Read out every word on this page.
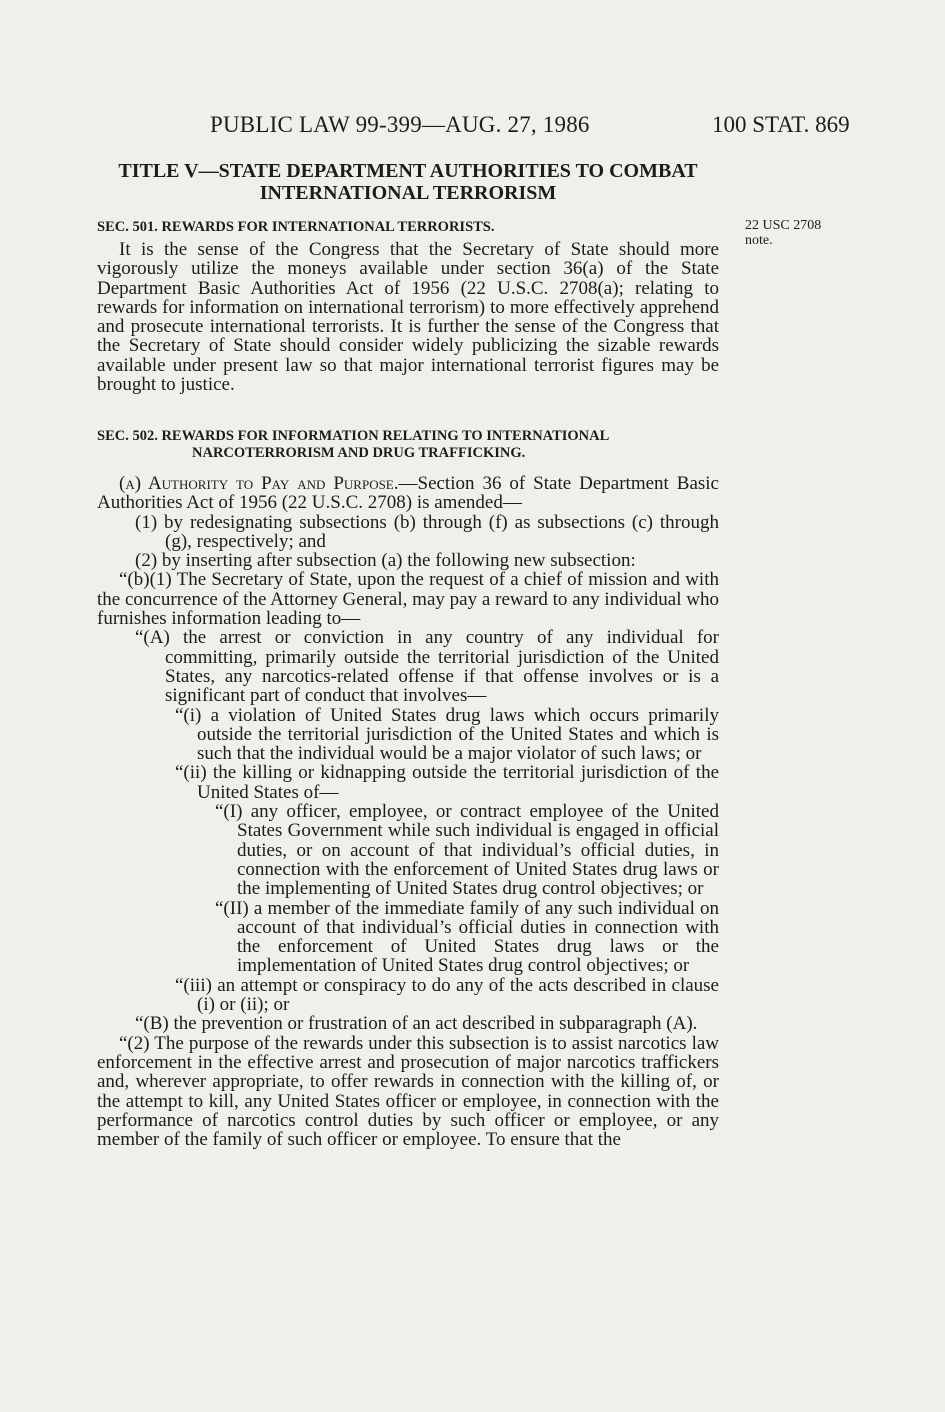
PUBLIC LAW 99-399—AUG. 27, 1986	100 STAT. 869
TITLE V—STATE DEPARTMENT AUTHORITIES TO COMBAT
INTERNATIONAL TERRORISM
22 USC 2708
note.
SEC. 501. REWARDS FOR INTERNATIONAL TERRORISTS.

It is the sense of the Congress that the Secretary of State should more vigorously utilize the moneys available under section 36(a) of the State Department Basic Authorities Act of 1956 (22 U.S.C. 2708(a); relating to rewards for information on international terrorism) to more effectively apprehend and prosecute international terrorists. It is further the sense of the Congress that the Secretary of State should consider widely publicizing the sizable rewards available under present law so that major international terrorist figures may be brought to justice.

SEC. 502. REWARDS FOR INFORMATION RELATING TO INTERNATIONAL
NARCOTERRORISM AND DRUG TRAFFICKING.

(a) Authority to Pay and Purpose.—Section 36 of State Department Basic Authorities Act of 1956 (22 U.S.C. 2708) is amended—

(1) by redesignating subsections (b) through (f) as subsections (c) through (g), respectively; and

(2) by inserting after subsection (a) the following new subsection:

“(b)(1) The Secretary of State, upon the request of a chief of mission and with the concurrence of the Attorney General, may pay a reward to any individual who furnishes information leading to—

“(A) the arrest or conviction in any country of any individual for committing, primarily outside the territorial jurisdiction of the United States, any narcotics-related offense if that offense involves or is a significant part of conduct that involves—

“(i) a violation of United States drug laws which occurs primarily outside the territorial jurisdiction of the United States and which is such that the individual would be a major violator of such laws; or

“(ii) the killing or kidnapping outside the territorial jurisdiction of the United States of—

“(I) any officer, employee, or contract employee of the United States Government while such individual is engaged in official duties, or on account of that individual’s official duties, in connection with the enforcement of United States drug laws or the implementing of United States drug control objectives; or

“(II) a member of the immediate family of any such individual on account of that individual’s official duties in connection with the enforcement of United States drug laws or the implementation of United States drug control objectives; or

“(iii) an attempt or conspiracy to do any of the acts described in clause (i) or (ii); or

“(B) the prevention or frustration of an act described in subparagraph (A).

“(2) The purpose of the rewards under this subsection is to assist narcotics law enforcement in the effective arrest and prosecution of major narcotics traffickers and, wherever appropriate, to offer rewards in connection with the killing of, or the attempt to kill, any United States officer or employee, in connection with the performance of narcotics control duties by such officer or employee, or any member of the family of such officer or employee. To ensure that the
